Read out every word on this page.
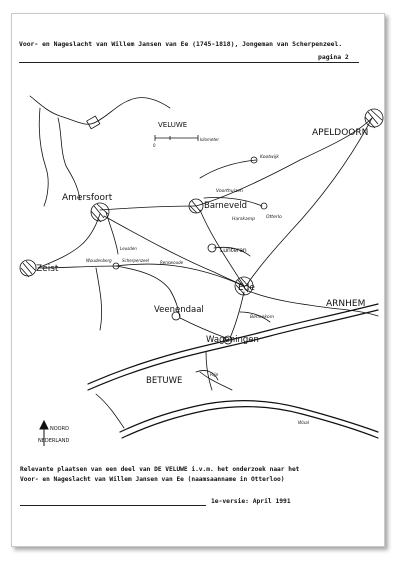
Voor- en Nageslacht van Willem Jansen van Ee (1745-1818), Jongeman van Scherpenzeel.
pagina 2
VELUWE
0
kilometer
APELDOORN
Amersfoort
Zeist
Barneveld
Lunteren
Ede
Veenendaal
Wageningen
ARNHEM
BETUWE
Kootwijk
Voorthuizen
Harskamp Otterlo
Woudenberg	Scherpenzeel	Renswoude
Leusden
Bennekom
Rijn
Waal
NOORD
NEDERLAND
Relevante plaatsen van een deel van DE VELUWE i.v.m. het onderzoek naar het
Voor- en Nageslacht van Willem Jansen van Ee (naamsaanname in Otterloo)
1e-versie: April 1991
